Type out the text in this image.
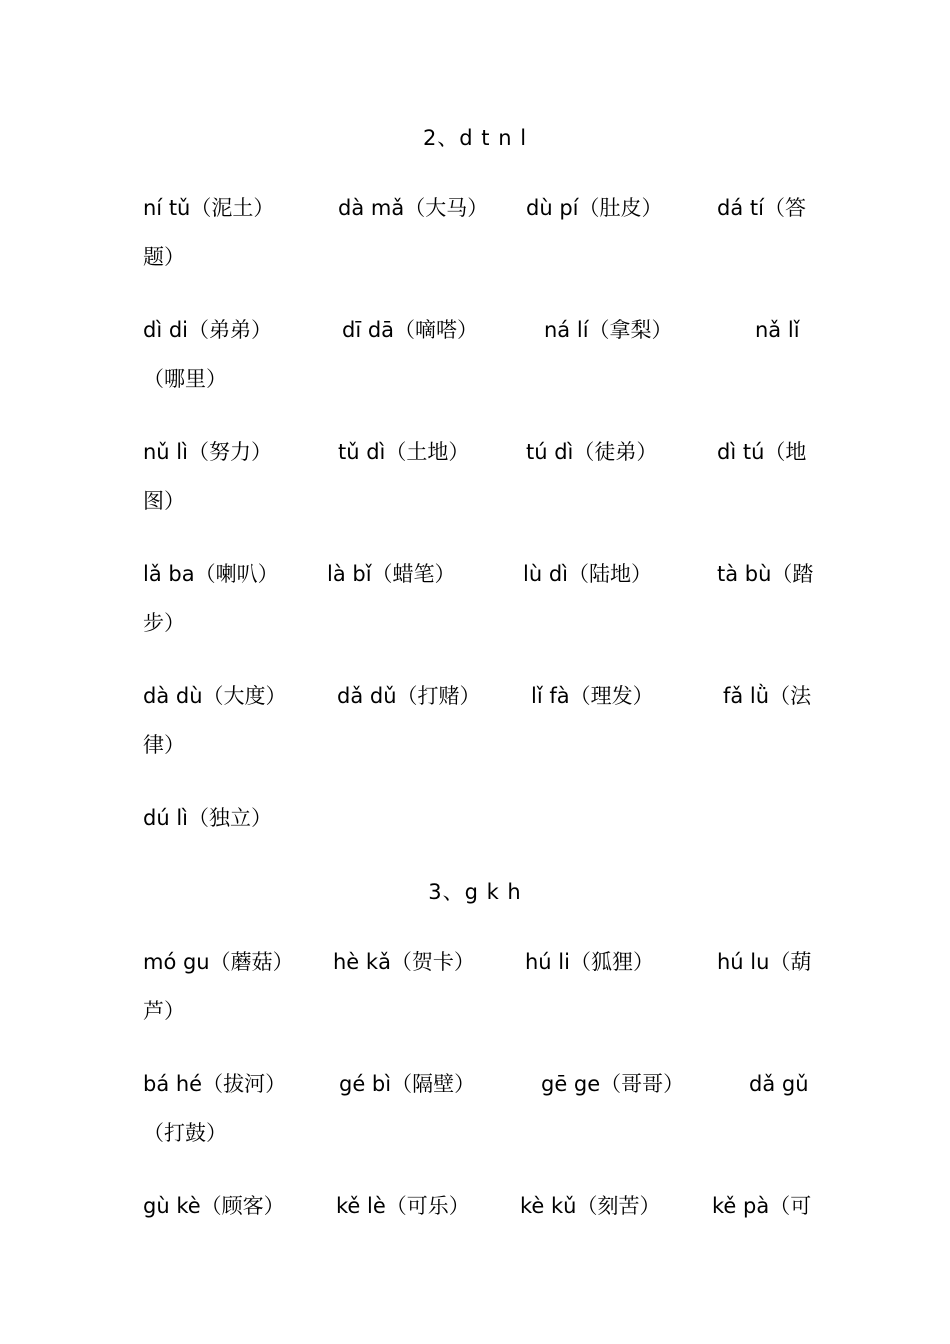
2、d t n l
ní tǔ（泥土）	dà mǎ（大马） dù pí（肚皮）	dá tí（答
题）
dì di（弟弟）	dī dā（嘀嗒）	ná lí（拿梨）	nǎ lǐ
（哪里）
nǔ lì（努力）	tǔ dì（土地）	tú dì（徒弟）	dì tú（地
图）
lǎ ba（喇叭） là bǐ（蜡笔）	lù dì（陆地）	tà bù（踏
步）
dà dù（大度） dǎ dǔ（打赌） lǐ fà（理发）	fǎ lǜ（法
律）
dú lì（独立）
3、g k h
mó gu（蘑菇） hè kǎ（贺卡） hú li（狐狸）	hú lu（葫
芦）
bá hé（拔河）	gé bì（隔壁）	gē ge（哥哥）	dǎ gǔ
（打鼓）
gù kè（顾客） kě lè（可乐） kè kǔ（刻苦） kě pà（可
